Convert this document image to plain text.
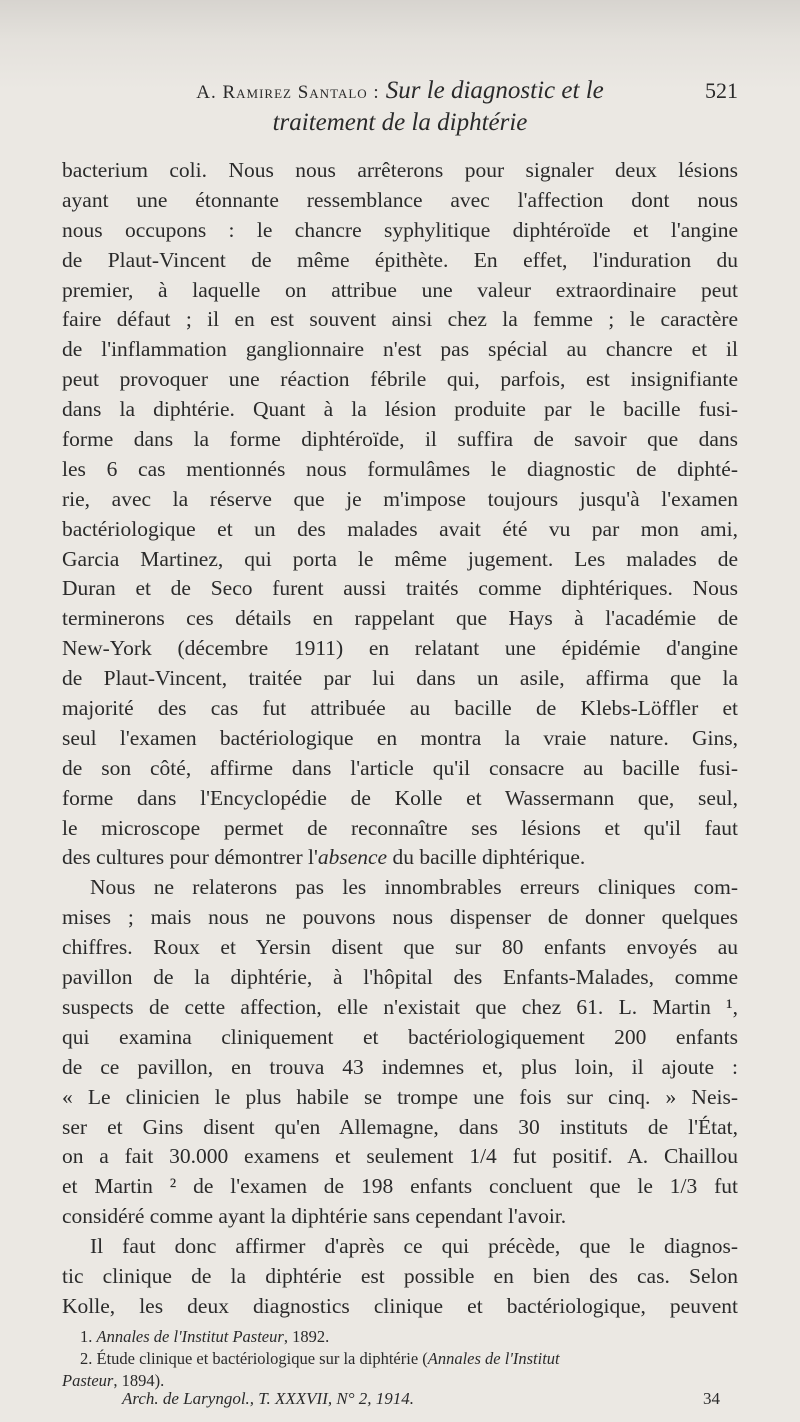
A. Ramirez Santalo : Sur le diagnostic et le	521
traitement de la diphtérie
bacterium coli. Nous nous arrêterons pour signaler deux lésions
ayant une étonnante ressemblance avec l'affection dont nous
nous occupons : le chancre syphylitique diphtéroïde et l'angine
de Plaut-Vincent de même épithète. En effet, l'induration du
premier, à laquelle on attribue une valeur extraordinaire peut
faire défaut ; il en est souvent ainsi chez la femme ; le caractère
de l'inflammation ganglionnaire n'est pas spécial au chancre et il
peut provoquer une réaction fébrile qui, parfois, est insignifiante
dans la diphtérie. Quant à la lésion produite par le bacille fusi-
forme dans la forme diphtéroïde, il suffira de savoir que dans
les 6 cas mentionnés nous formulâmes le diagnostic de diphté-
rie, avec la réserve que je m'impose toujours jusqu'à l'examen
bactériologique et un des malades avait été vu par mon ami,
Garcia Martinez, qui porta le même jugement. Les malades de
Duran et de Seco furent aussi traités comme diphtériques. Nous
terminerons ces détails en rappelant que Hays à l'académie de
New-York (décembre 1911) en relatant une épidémie d'angine
de Plaut-Vincent, traitée par lui dans un asile, affirma que la
majorité des cas fut attribuée au bacille de Klebs-Löffler et
seul l'examen bactériologique en montra la vraie nature. Gins,
de son côté, affirme dans l'article qu'il consacre au bacille fusi-
forme dans l'Encyclopédie de Kolle et Wassermann que, seul,
le microscope permet de reconnaître ses lésions et qu'il faut
des cultures pour démontrer l'absence du bacille diphtérique.
Nous ne relaterons pas les innombrables erreurs cliniques com-
mises ; mais nous ne pouvons nous dispenser de donner quelques
chiffres. Roux et Yersin disent que sur 80 enfants envoyés au
pavillon de la diphtérie, à l'hôpital des Enfants-Malades, comme
suspects de cette affection, elle n'existait que chez 61. L. Martin ¹,
qui examina cliniquement et bactériologiquement 200 enfants
de ce pavillon, en trouva 43 indemnes et, plus loin, il ajoute :
« Le clinicien le plus habile se trompe une fois sur cinq. » Neis-
ser et Gins disent qu'en Allemagne, dans 30 instituts de l'État,
on a fait 30.000 examens et seulement 1/4 fut positif. A. Chaillou
et Martin ² de l'examen de 198 enfants concluent que le 1/3 fut
considéré comme ayant la diphtérie sans cependant l'avoir.
Il faut donc affirmer d'après ce qui précède, que le diagnos-
tic clinique de la diphtérie est possible en bien des cas. Selon
Kolle, les deux diagnostics clinique et bactériologique, peuvent
1. Annales de l'Institut Pasteur, 1892.
2. Étude clinique et bactériologique sur la diphtérie (Annales de l'Institut
Pasteur, 1894).
Arch. de Laryngol., T. XXXVII, N° 2, 1914.	34
